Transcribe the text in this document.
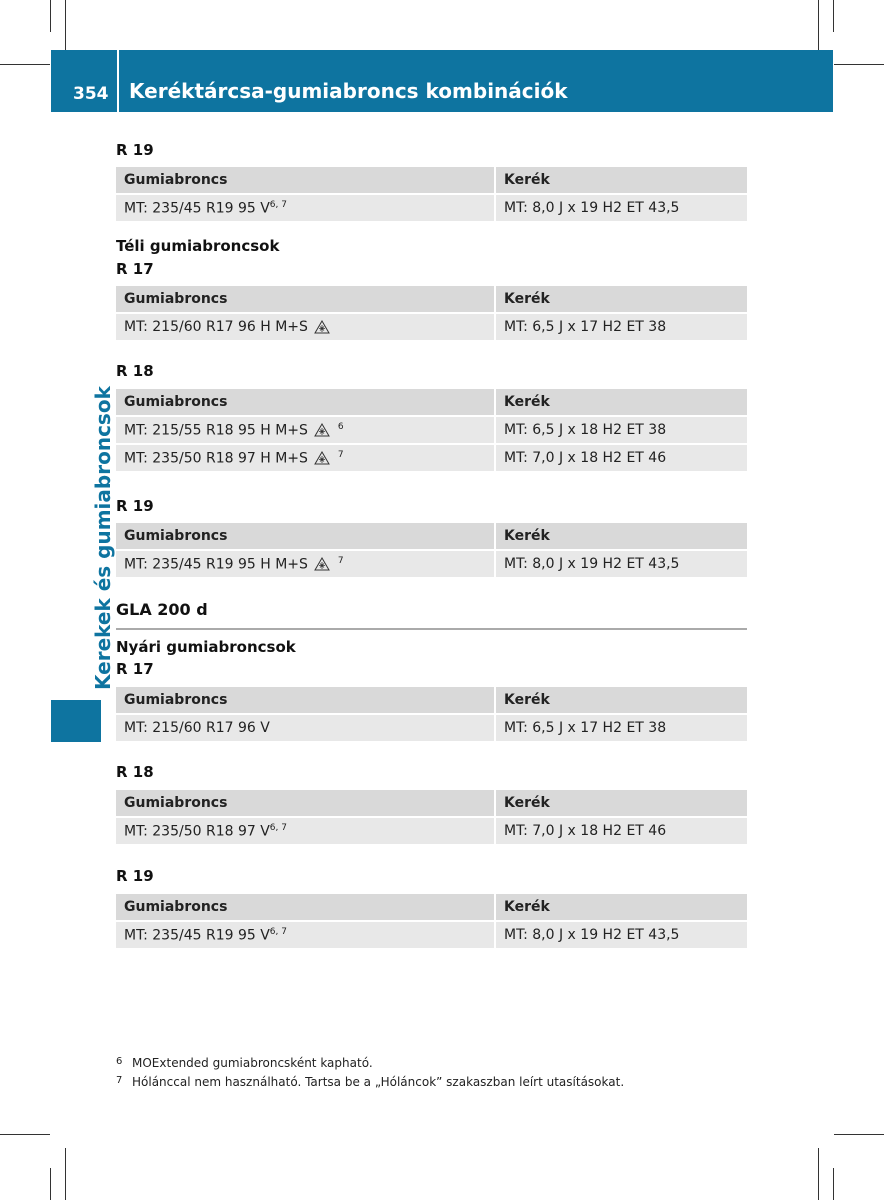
354 Keréktárcsa-gumiabroncs kombinációk
Kerekek és gumiabroncsok
R 19
Gumiabroncs	Kerék
MT: 235/45 R19 95 V$^{6, 7}$	MT: 8,0 J x 19 H2 ET 43,5
Téli gumiabroncsok
R 17
Gumiabroncs	Kerék
MT: 215/60 R17 96 H M+S	MT: 6,5 J x 17 H2 ET 38
R 18
Gumiabroncs	Kerék
MT: 215/55 R18 95 H M+S $^6$	MT: 6,5 J x 18 H2 ET 38
MT: 235/50 R18 97 H M+S $^7$	MT: 7,0 J x 18 H2 ET 46
R 19
Gumiabroncs	Kerék
MT: 235/45 R19 95 H M+S $^7$	MT: 8,0 J x 19 H2 ET 43,5
GLA 200 d
Nyári gumiabroncsok
R 17
Gumiabroncs	Kerék
MT: 215/60 R17 96 V	MT: 6,5 J x 17 H2 ET 38
R 18
Gumiabroncs	Kerék
MT: 235/50 R18 97 V$^{6, 7}$	MT: 7,0 J x 18 H2 ET 46
R 19
Gumiabroncs	Kerék
MT: 235/45 R19 95 V$^{6, 7}$	MT: 8,0 J x 19 H2 ET 43,5
6 MOExtended gumiabroncsként kapható.
7 Hólánccal nem használható. Tartsa be a „Hóláncok” szakaszban leírt utasításokat.
